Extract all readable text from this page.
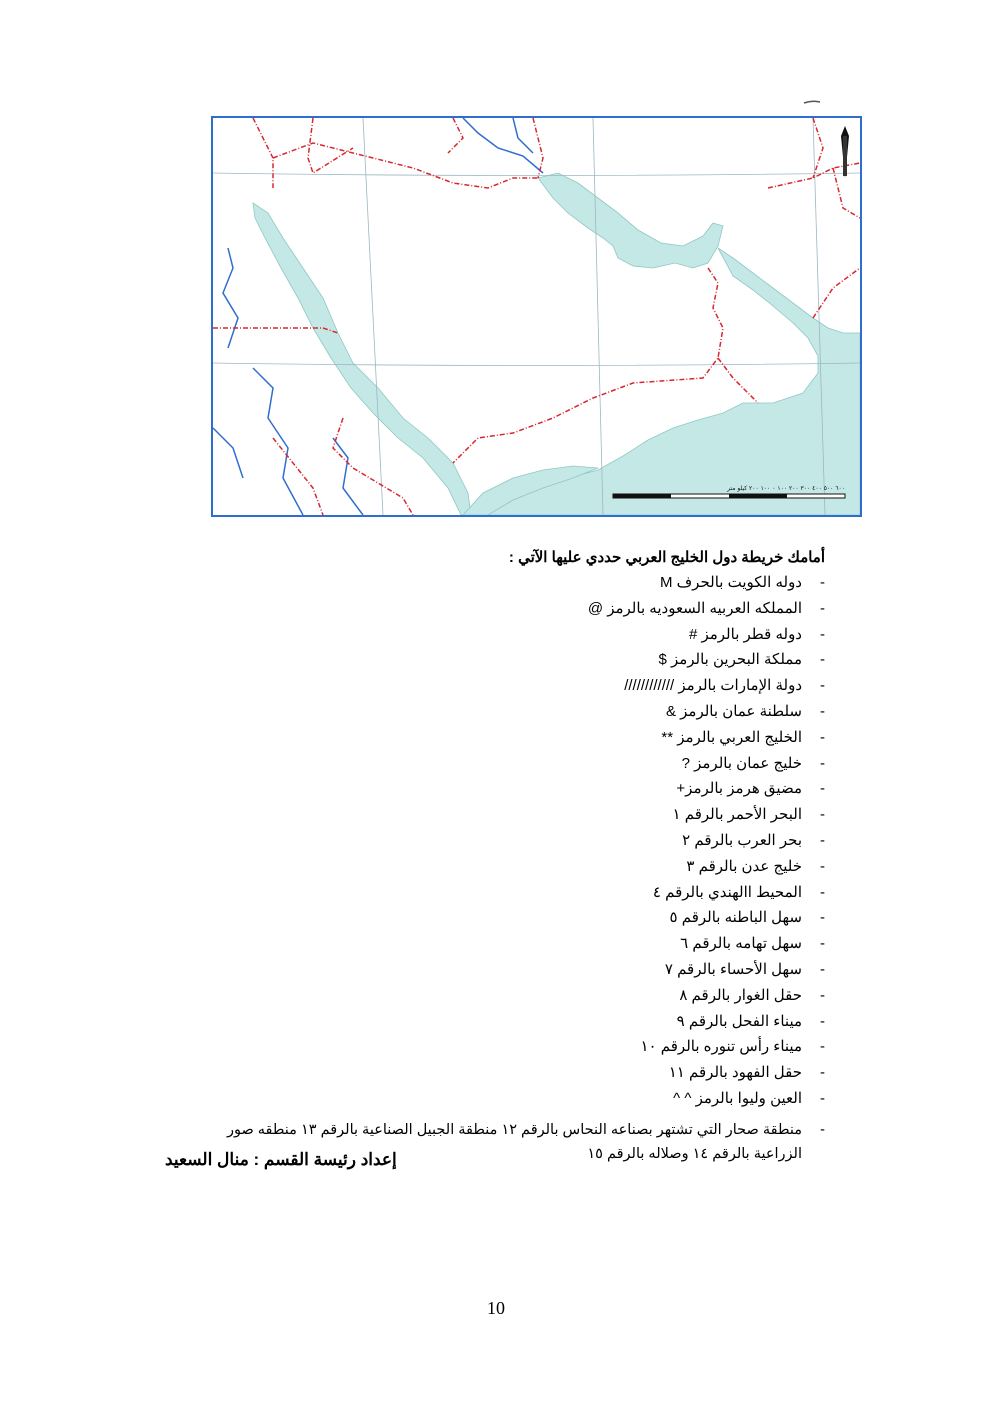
٦٠٠ ٥٠٠ ٤٠٠ ٣٠٠ ٢٠٠ ١٠٠ ٠ ١٠٠ ٢٠٠ كيلو متر
أمامك خريطة دول الخليج العربي حددي عليها الآتي :
-
دوله الكويت بالحرف M
-
المملكه العربيه السعوديه بالرمز @
-
دوله قطر بالرمز #
-
مملكة البحرين بالرمز $
-
دولة الإمارات بالرمز ////////////
-
سلطنة عمان بالرمز &
-
الخليج العربي بالرمز **
-
خليج عمان بالرمز ?
-
مضيق هرمز بالرمز+
-
البحر الأحمر بالرقم ١
-
بحر العرب بالرقم ٢
-
خليج عدن بالرقم ٣
-
المحيط االهندي بالرقم ٤
-
سهل الباطنه بالرقم ٥
-
سهل تهامه بالرقم ٦
-
سهل الأحساء بالرقم ٧
-
حقل الغوار بالرقم ٨
-
ميناء الفحل بالرقم ٩
-
ميناء رأس تنوره بالرقم ١٠
-
حقل الفهود بالرقم ١١
-
العين وليوا بالرمز ^ ^
-
منطقة صحار التي تشتهر بصناعه النحاس بالرقم ١٢ منطقة الجبيل الصناعية بالرقم ١٣ منطقه صور
الزراعية بالرقم ١٤ وصلاله بالرقم ١٥
إعداد رئيسة القسم : منال السعيد
10
